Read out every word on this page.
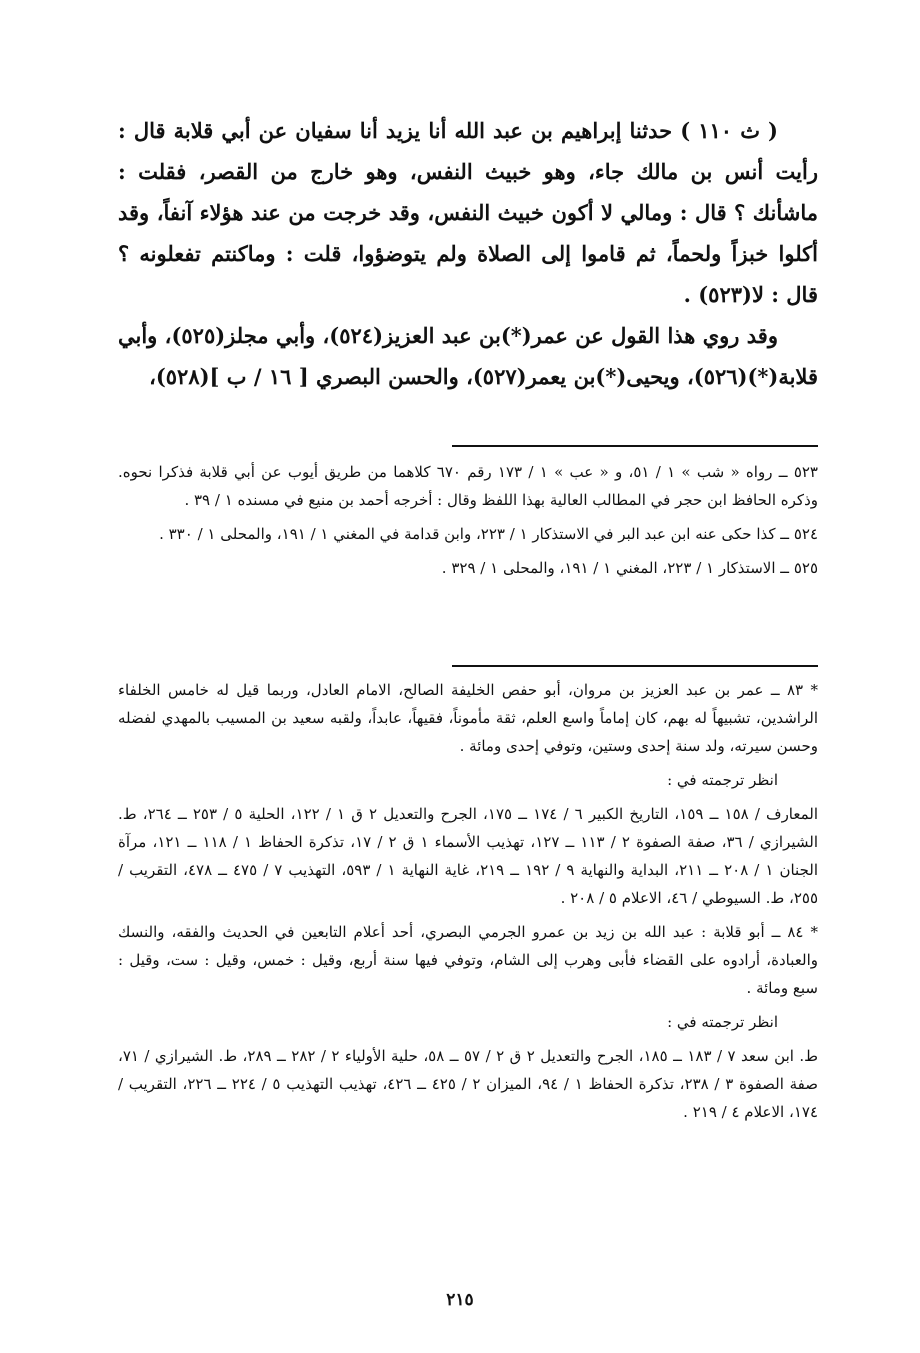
( ث ١١٠ ) حدثنا إبراهيم بن عبد الله أنا يزيد أنا سفيان عن أبي قلابة قال : رأيت أنس بن مالك جاء، وهو خبيث النفس، وهو خارج من القصر، فقلت : ماشأنك ؟ قال : ومالي لا أكون خبيث النفس، وقد خرجت من عند هؤلاء آنفاً، وقد أكلوا خبزاً ولحماً، ثم قاموا إلى الصلاة ولم يتوضؤوا، قلت : وماكنتم تفعلونه ؟ قال : لا(٥٢٣) .

وقد روي هذا القول عن عمر(*)بن عبد العزيز(٥٢٤)، وأبي مجلز(٥٢٥)، وأبي قلابة(*)(٥٢٦)، ويحيى(*)بن يعمر(٥٢٧)، والحسن البصري [ ١٦ / ب ](٥٢٨)،

٥٢٣ ــ رواه « شب » ١ / ٥١، و « عب » ١ / ١٧٣ رقم ٦٧٠ كلاهما من طريق أيوب عن أبي قلابة فذكرا نحوه. وذكره الحافظ ابن حجر في المطالب العالية بهذا اللفظ وقال : أخرجه أحمد بن منيع في مسنده ١ / ٣٩ .

٥٢٤ ــ كذا حكى عنه ابن عبد البر في الاستذكار ١ / ٢٢٣، وابن قدامة في المغني ١ / ١٩١، والمحلى ١ / ٣٣٠ .

٥٢٥ ــ الاستذكار ١ / ٢٢٣، المغني ١ / ١٩١، والمحلى ١ / ٣٢٩ .

* ٨٣ ــ عمر بن عبد العزيز بن مروان، أبو حفص الخليفة الصالح، الامام العادل، وربما قيل له خامس الخلفاء الراشدين، تشبيهاً له بهم، كان إماماً واسع العلم، ثقة مأموناً، فقيهاً، عابداً، ولقبه سعيد بن المسيب بالمهدي لفضله وحسن سيرته، ولد سنة إحدى وستين، وتوفي إحدى ومائة .

انظر ترجمته في :

المعارف / ١٥٨ ــ ١٥٩، التاريخ الكبير ٦ / ١٧٤ ــ ١٧٥، الجرح والتعديل ٢ ق ١ / ١٢٢، الحلية ٥ / ٢٥٣ ــ ٢٦٤، ط. الشيرازي / ٣٦، صفة الصفوة ٢ / ١١٣ ــ ١٢٧، تهذيب الأسماء ١ ق ٢ / ١٧، تذكرة الحفاظ ١ / ١١٨ ــ ١٢١، مرآة الجنان ١ / ٢٠٨ ــ ٢١١، البداية والنهاية ٩ / ١٩٢ ــ ٢١٩، غاية النهاية ١ / ٥٩٣، التهذيب ٧ / ٤٧٥ ــ ٤٧٨، التقريب / ٢٥٥، ط. السيوطي / ٤٦، الاعلام ٥ / ٢٠٨ .

* ٨٤ ــ أبو قلابة : عبد الله بن زيد بن عمرو الجرمي البصري، أحد أعلام التابعين في الحديث والفقه، والنسك والعبادة، أرادوه على القضاء فأبى وهرب إلى الشام، وتوفي فيها سنة أربع، وقيل : خمس، وقيل : ست، وقيل : سبع ومائة .

انظر ترجمته في :

ط. ابن سعد ٧ / ١٨٣ ــ ١٨٥، الجرح والتعديل ٢ ق ٢ / ٥٧ ــ ٥٨، حلية الأولياء ٢ / ٢٨٢ ــ ٢٨٩، ط. الشيرازي / ٧١، صفة الصفوة ٣ / ٢٣٨، تذكرة الحفاظ ١ / ٩٤، الميزان ٢ / ٤٢٥ ــ ٤٢٦، تهذيب التهذيب ٥ / ٢٢٤ ــ ٢٢٦، التقريب / ١٧٤، الاعلام ٤ / ٢١٩ .

٢١٥
